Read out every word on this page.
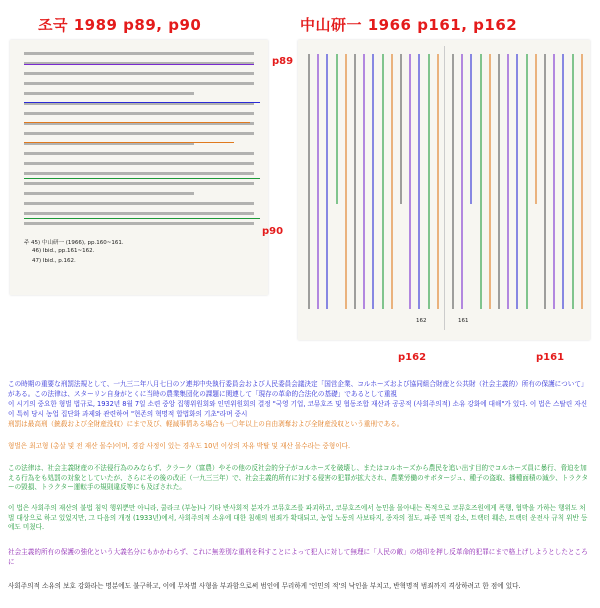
조국 1989 p89, p90	中山研一 1966 p161, p162
주 45) 中山研一 (1966), pp.160~161.
46) Ibid., pp.161~162.
47) Ibid., p.162.
p89
p90
162	161
p162	p161
この時期の重要な刑罰法規として、一九三二年八月七日のソ連邦中央執行委員会および人民委員会議決定「国営企業、コルホーズおよび協同組合財産と公共財（社会主義的）所有の保護について」がある。この法律は、スターリン自身がとくに当時の農業集団化の課題に関連して「現存の革命的合法化の基礎」であるとして重視
이 시기의 중요한 형벌 법규로, 1932년 8월 7일 소련 중앙 집행위원회와 인민위원회의 결정 "국영 기업, 코뮤호즈 및 협동조합 재산과 공공적 (사회주의적) 소유 강화에 대해"가 있다. 이 법은 스탈린 자신이 특히 당시 농업 집단화 과제와 관련하여 "현존의 혁명적 합법화의 기초"라며 중시
刑罰は最高刑（銃殺および全財産没収）にまで及び、軽減事情ある場合も一〇年以上の自由剥奪および全財産没収という重刑である。
형벌은 최고형 (총살 및 전 재산 몰수)이며, 경감 사정이 있는 경우도 10년 이상의 자유 박탈 및 재산 몰수라는 중형이다.
この法律は、社会主義財産の不法侵行為のみならず、クラーク（富農）やその他の反社会的分子がコルホーズを破壊し、またはコルホーズから農民を追い出す目的でコルホーズ員に暴行、脅迫を加える行為をも処罰の対象としていたが、さらにその後の改正（一九三三年）で、社会主義的所有に対する侵害の犯罪が拡大され、農業労働のサボタージュ、種子の盗取、播種面積の減少、トラクターの毀損、トラクター運転手の規則違反等にも及ぼされた。
이 법은 사회주의 재산의 불법 침익 행위뿐만 아니라, 쿨라크 (부농)나 기타 반사회적 분자가 코뮤호즈를 파괴하고, 코뮤호즈에서 농민을 몰아내는 목적으로 코뮤호즈원에게 폭행, 협박을 가하는 행위도 처벌 대상으로 하고 있었지만, 그 다음의 개정 (1933년)에서, 사회주의적 소유에 대한 침해의 범죄가 확대되고, 농업 노동의 사보타지, 종자의 절도, 파종 면적 감소, 트랙터 훼손, 트랙터 운전사 규칙 위반 등에도 미쳤다.
社会主義的所有の保護の強化という大義名分にもかかわらず、これに無差別な重刑を科すことによって犯人に対して無理に「人民の敵」の烙印を押し反革命的犯罪にまで格上げしようとしたところに
사회주의적 소유의 보호 강화라는 명분에도 불구하고, 이에 무차별 사형을 부과함으로써 범인에 무리하게 '인민의 적'의 낙인을 부치고, 반혁명적 범죄까지 격상하려고 한 점에 있다.
